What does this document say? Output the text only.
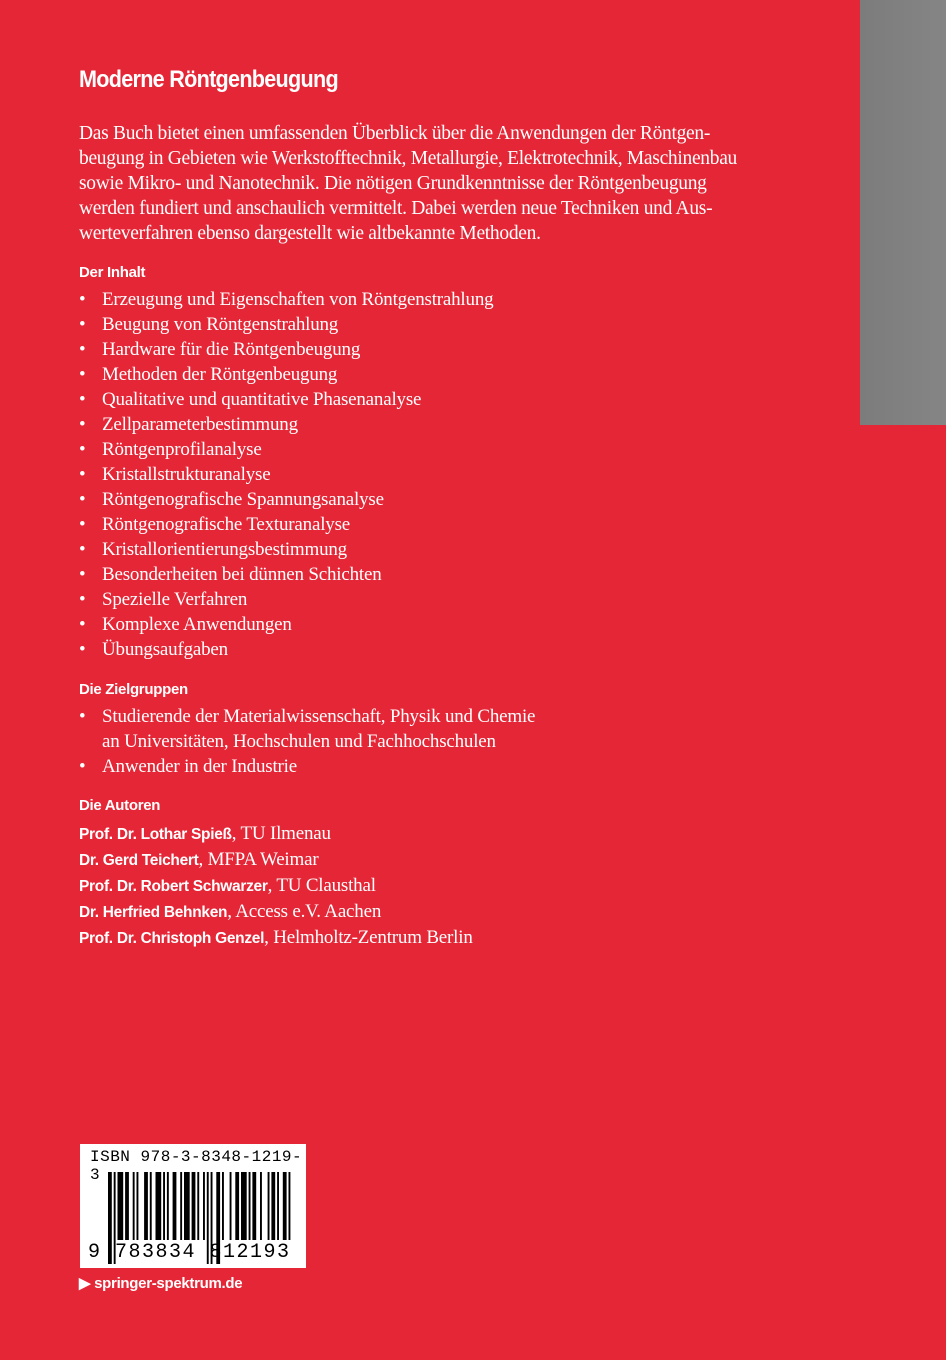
Moderne Röntgenbeugung
Das Buch bietet einen umfassenden Überblick über die Anwendungen der Röntgen-
beugung in Gebieten wie Werkstofftechnik, Metallurgie, Elektrotechnik, Maschinenbau
sowie Mikro- und Nanotechnik. Die nötigen Grundkenntnisse der Röntgenbeugung
werden fundiert und anschaulich vermittelt. Dabei werden neue Techniken und Aus-
werteverfahren ebenso dargestellt wie altbekannte Methoden.
Der Inhalt
• Erzeugung und Eigenschaften von Röntgenstrahlung
• Beugung von Röntgenstrahlung
• Hardware für die Röntgenbeugung
• Methoden der Röntgenbeugung
• Qualitative und quantitative Phasenanalyse
• Zellparameterbestimmung
• Röntgenprofilanalyse
• Kristallstrukturanalyse
• Röntgenografische Spannungsanalyse
• Röntgenografische Texturanalyse
• Kristallorientierungsbestimmung
• Besonderheiten bei dünnen Schichten
• Spezielle Verfahren
• Komplexe Anwendungen
• Übungsaufgaben
Die Zielgruppen
• Studierende der Materialwissenschaft, Physik und Chemie
an Universitäten, Hochschulen und Fachhochschulen
• Anwender in der Industrie
Die Autoren
Prof. Dr. Lothar Spieß, TU Ilmenau
Dr. Gerd Teichert, MFPA Weimar
Prof. Dr. Robert Schwarzer, TU Clausthal
Dr. Herfried Behnken, Access e.V. Aachen
Prof. Dr. Christoph Genzel, Helmholtz-Zentrum Berlin
ISBN 978-3-8348-1219-3
9 783834 812193
▶ springer-spektrum.de
